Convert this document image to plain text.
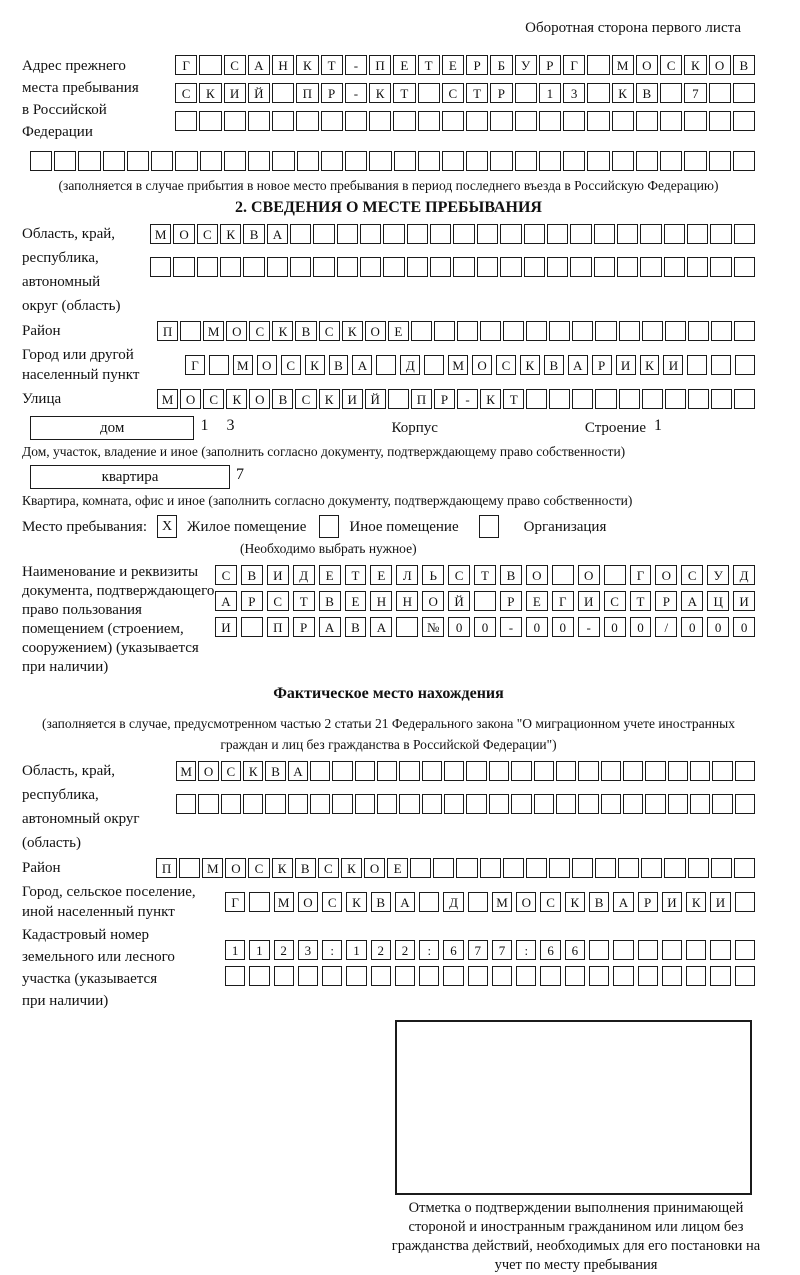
Оборотная сторона первого листа
Адрес прежнего
места пребывания
в Российской
Федерации
Г	С	А	Н	К	Т	-	П	Е	Т	Е	Р	Б	У	Р	Г	М	О	С	К	О	В
С	К	И	Й	П	Р	-	К	Т	С	Т	Р	1	3	К	В	7
(заполняется в случае прибытия в новое место пребывания в период последнего въезда в Российскую Федерацию)
2. СВЕДЕНИЯ О МЕСТЕ ПРЕБЫВАНИЯ
Область, край,
республика,
автономный
округ (область)
М О	С	К	В	А
Район	П	М О	С	К	В	С	К	О	Е
Город или другой
населенный пункт
Г	М	О	С	К	В	А	Д	М	О	С	К	В	А	Р	И	К	И
Улица	М О	С	К	О	В	С	К	И	Й	П	Р	-	К	Т
дом	1	3	Корпус	Строение 1
Дом, участок, владение и иное (заполнить согласно документу, подтверждающему право собственности)
квартира	7
Квартира, комната, офис и иное (заполнить согласно документу, подтверждающему право собственности)
Место пребывания:	X Жилое помещение	Иное помещение	Организация
(Необходимо выбрать нужное)
Наименование и реквизиты
документа, подтверждающего
право пользования
помещением (строением,
сооружением) (указывается
при наличии)
С	В	И	Д	Е	Т	Е	Л	Ь	С	Т	В	О	О	Г	О	С	У	Д
А	Р	С	Т	В	Е	Н	Н	О	Й	Р	Е	Г	И	С	Т	Р	А	Ц	И
И	П	Р	А	В	А	№	0	0	-	0	0	-	0	0	/	0	0	0
Фактическое место нахождения
(заполняется в случае, предусмотренном частью 2 статьи 21 Федерального закона "О миграционном учете иностранных граждан и лиц без гражданства в Российской Федерации")
Область, край,
республика,
автономный округ
(область)
М О	С	К	В	А
Район	П	М О	С	К	В	С	К	О	Е
Город, сельское поселение,
иной населенный пункт
Г	М	О	С	К	В	А	Д	М	О	С	К	В	А	Р	И	К	И
Кадастровый номер
земельного или лесного
участка (указывается
при наличии)
1	1	2	3	:	1	2	2	:	6	7	7	:	6	6
Отметка о подтверждении выполнения принимающей стороной и иностранным гражданином или лицом без гражданства действий, необходимых для его постановки на учет по месту пребывания
